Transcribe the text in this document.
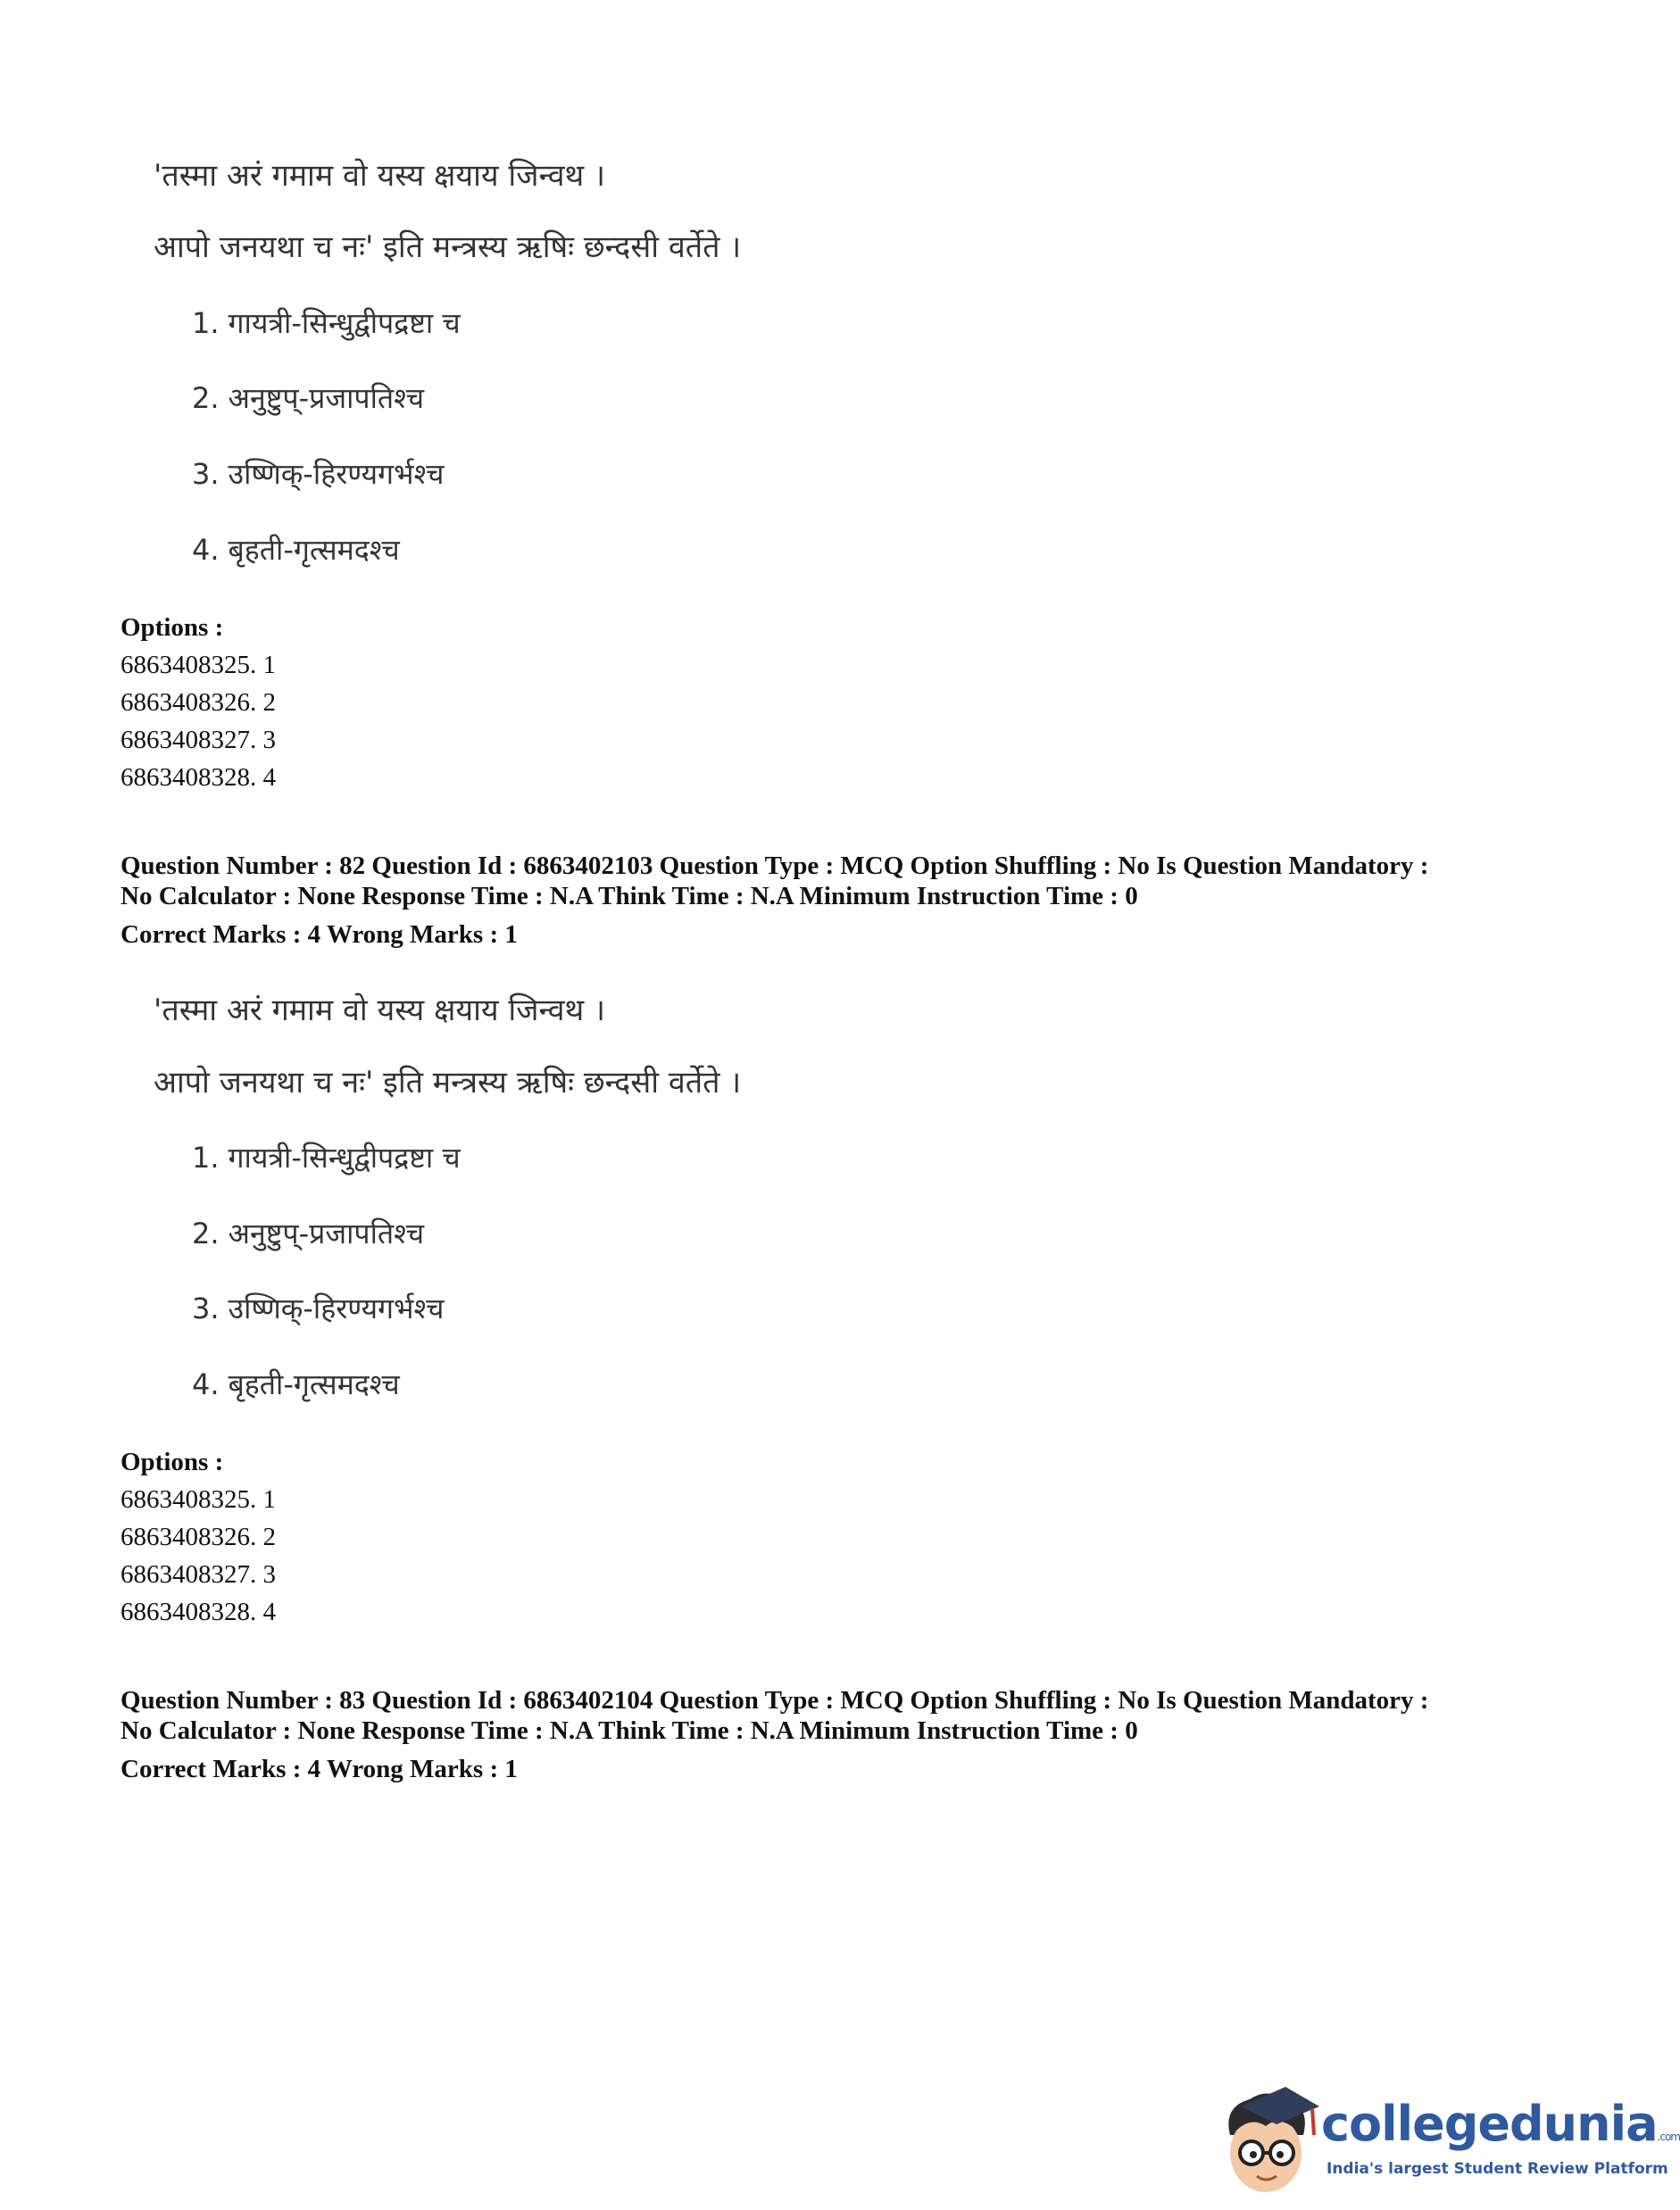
'तस्मा अरं गमाम वो यस्य क्षयाय जिन्वथ ।
आपो जनयथा च नः' इति मन्त्रस्य ऋषिः छन्दसी वर्तेते ।
1. गायत्री-सिन्धुद्वीपद्रष्टा च
2. अनुष्टुप्-प्रजापतिश्च
3. उष्णिक्-हिरण्यगर्भश्च
4. बृहती-गृत्समदश्च
Options :
6863408325. 1
6863408326. 2
6863408327. 3
6863408328. 4
Question Number : 82 Question Id : 6863402103 Question Type : MCQ Option Shuffling : No Is Question Mandatory :
No Calculator : None Response Time : N.A Think Time : N.A Minimum Instruction Time : 0
Correct Marks : 4 Wrong Marks : 1
'तस्मा अरं गमाम वो यस्य क्षयाय जिन्वथ ।
आपो जनयथा च नः' इति मन्त्रस्य ऋषिः छन्दसी वर्तेते ।
1. गायत्री-सिन्धुद्वीपद्रष्टा च
2. अनुष्टुप्-प्रजापतिश्च
3. उष्णिक्-हिरण्यगर्भश्च
4. बृहती-गृत्समदश्च
Options :
6863408325. 1
6863408326. 2
6863408327. 3
6863408328. 4
Question Number : 83 Question Id : 6863402104 Question Type : MCQ Option Shuffling : No Is Question Mandatory :
No Calculator : None Response Time : N.A Think Time : N.A Minimum Instruction Time : 0
Correct Marks : 4 Wrong Marks : 1
collegedunia.com
India's largest Student Review Platform
